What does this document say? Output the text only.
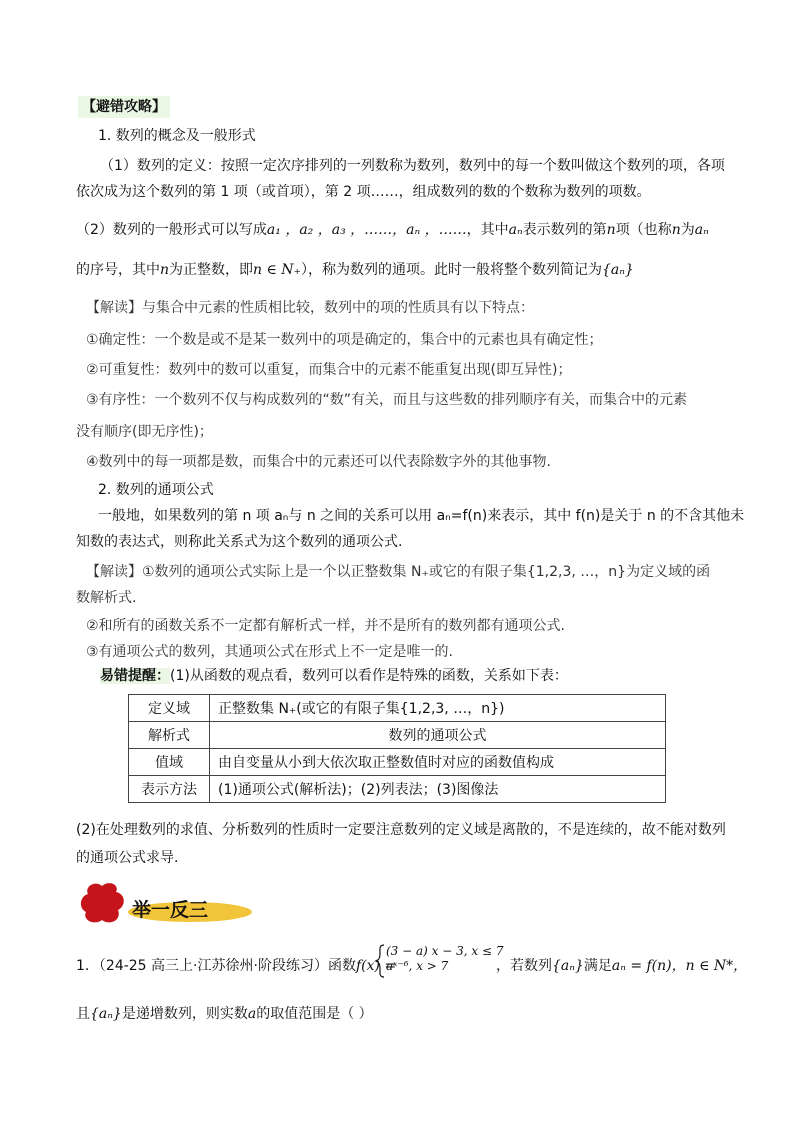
【避错攻略】
1. 数列的概念及一般形式
（1）数列的定义：按照一定次序排列的一列数称为数列，数列中的每一个数叫做这个数列的项，各项
依次成为这个数列的第 1 项（或首项），第 2 项……，组成数列的数的个数称为数列的项数。
（2）数列的一般形式可以写成a₁ ，a₂ ，a₃ ，……，aₙ ，……，其中aₙ表示数列的第n项（也称n为aₙ
的序号，其中n为正整数，即n ∈ N₊），称为数列的通项。此时一般将整个数列简记为{aₙ}
【解读】与集合中元素的性质相比较，数列中的项的性质具有以下特点：
①确定性：一个数是或不是某一数列中的项是确定的，集合中的元素也具有确定性；
②可重复性：数列中的数可以重复，而集合中的元素不能重复出现(即互异性)；
③有序性：一个数列不仅与构成数列的“数”有关，而且与这些数的排列顺序有关，而集合中的元素
没有顺序(即无序性)；
④数列中的每一项都是数，而集合中的元素还可以代表除数字外的其他事物.
2. 数列的通项公式
一般地，如果数列的第 n 项 aₙ与 n 之间的关系可以用 aₙ=f(n)来表示，其中 f(n)是关于 n 的不含其他未
知数的表达式，则称此关系式为这个数列的通项公式.
【解读】①数列的通项公式实际上是一个以正整数集 N₊或它的有限子集{1,2,3, …，n}为定义域的函
数解析式.
②和所有的函数关系不一定都有解析式一样，并不是所有的数列都有通项公式.
③有通项公式的数列，其通项公式在形式上不一定是唯一的.
易错提醒：(1)从函数的观点看，数列可以看作是特殊的函数，关系如下表：
定义域	正整数集 N₊(或它的有限子集{1,2,3, …，n})
解析式	数列的通项公式
值域	由自变量从小到大依次取正整数值时对应的函数值构成
表示方法	(1)通项公式(解析法)；(2)列表法；(3)图像法
(2)在处理数列的求值、分析数列的性质时一定要注意数列的定义域是离散的，不是连续的，故不能对数列
的通项公式求导.
举一反三
1．（24-25 高三上·江苏徐州·阶段练习）函数f(x) =
(3 − a) x − 3, x ≤ 7
aˣ⁻⁶, x > 7	，若数列{aₙ}满足aₙ = f(n)，n ∈ N*，
且{aₙ}是递增数列，则实数a的取值范围是（ ）
